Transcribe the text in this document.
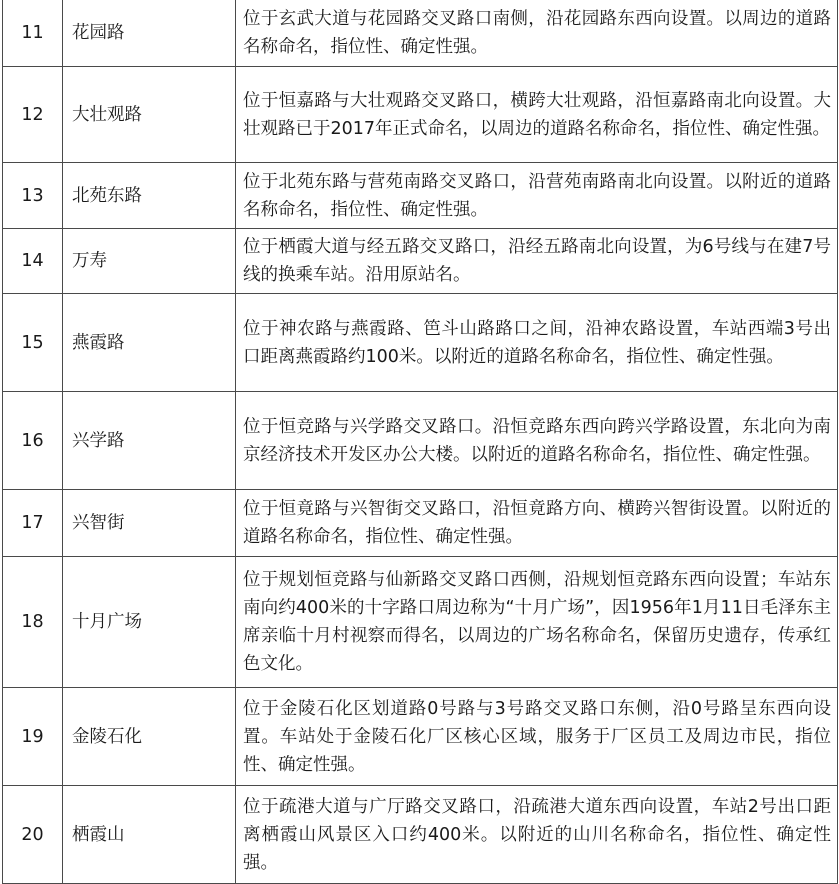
11	花园路	位于玄武大道与花园路交叉路口南侧，沿花园路东西向设置。以周边的道路名称命名，指位性、确定性强。
12	大壮观路	位于恒嘉路与大壮观路交叉路口，横跨大壮观路，沿恒嘉路南北向设置。大壮观路已于2017年正式命名，以周边的道路名称命名，指位性、确定性强。
13	北苑东路	位于北苑东路与营苑南路交叉路口，沿营苑南路南北向设置。以附近的道路名称命名，指位性、确定性强。
14	万寿	位于栖霞大道与经五路交叉路口，沿经五路南北向设置，为6号线与在建7号线的换乘车站。沿用原站名。
15	燕霞路	位于神农路与燕霞路、笆斗山路路口之间，沿神农路设置，车站西端3号出口距离燕霞路约100米。以附近的道路名称命名，指位性、确定性强。
16	兴学路	位于恒竞路与兴学路交叉路口。沿恒竞路东西向跨兴学路设置，东北向为南京经济技术开发区办公大楼。以附近的道路名称命名，指位性、确定性强。
17	兴智街	位于恒竟路与兴智街交叉路口，沿恒竟路方向、横跨兴智街设置。以附近的道路名称命名，指位性、确定性强。
18	十月广场	位于规划恒竞路与仙新路交叉路口西侧，沿规划恒竞路东西向设置；车站东南向约400米的十字路口周边称为“十月广场”，因1956年1月11日毛泽东主席亲临十月村视察而得名，以周边的广场名称命名，保留历史遗存，传承红色文化。
19	金陵石化	位于金陵石化区划道路0号路与3号路交叉路口东侧，沿0号路呈东西向设置。车站处于金陵石化厂区核心区域，服务于厂区员工及周边市民，指位性、确定性强。
20	栖霞山	位于疏港大道与广厅路交叉路口，沿疏港大道东西向设置，车站2号出口距离栖霞山风景区入口约400米。以附近的山川名称命名，指位性、确定性强。
